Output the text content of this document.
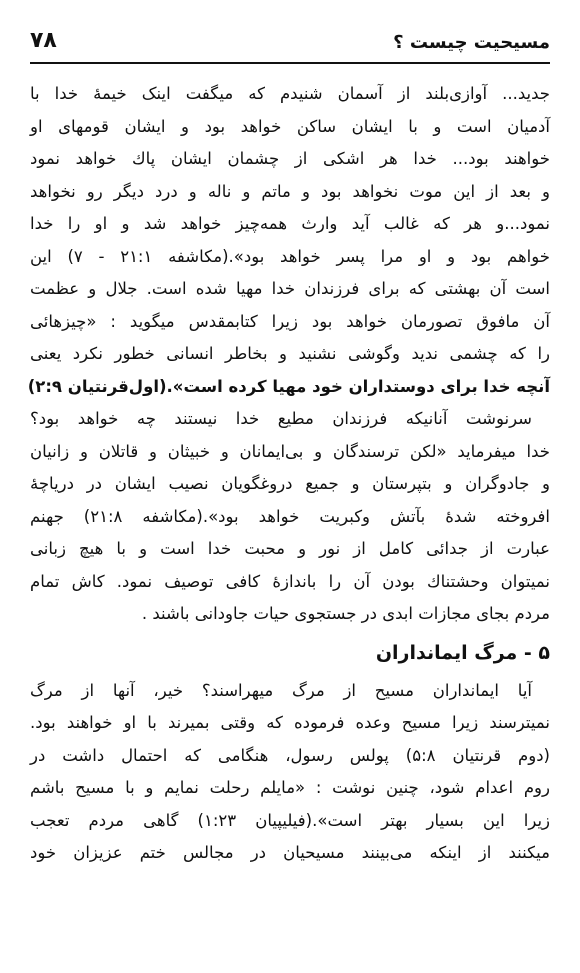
مسیحیت چیست ؟
۷۸
جدید... آوازی‌بلند از آسمان شنیدم که میگفت اینک خیمهٔ خدا با
آدمیان است و با ایشان ساکن خواهد بود و ایشان قومهای او
خواهند بود... خدا هر اشکی از چشمان ایشان پاك خواهد نمود
و بعد از این موت نخواهد بود و ماتم و ناله و درد دیگر رو نخواهد
نمود...و هر که غالب آید وارث همه‌چیز خواهد شد و او را خدا
خواهم بود و او مرا پسر خواهد بود».(مکاشفه ۲۱:۱ - ۷) این
است آن بهشتی که برای فرزندان خدا مهیا شده است. جلال و عظمت
آن مافوق تصورمان خواهد بود زیرا کتابمقدس میگوید : «چیزهائی
را که چشمی ندید وگوشی نشنید و بخاطر انسانی خطور نکرد یعنی
آنچه خدا برای دوستداران خود مهیا کرده است».(اول‌قرنتیان ۲:۹)
سرنوشت آنانیکه فرزندان مطیع خدا نیستند چه خواهد بود؟
خدا میفرماید «لکن ترسندگان و بی‌ایمانان و خبیثان و قاتلان و زانیان
و جادوگران و بتپرستان و جمیع دروغگویان نصیب ایشان در دریاچهٔ
افروخته شدهٔ بآتش وکبریت خواهد بود».(مکاشفه ۲۱:۸) جهنم
عبارت از جدائی کامل از نور و محبت خدا است و با هیچ زبانی
نمیتوان وحشتناك بودن آن را باندازهٔ کافی توصیف نمود. کاش تمام
مردم بجای مجازات ابدی در جستجوی حیات جاودانی باشند .
۵ - مرگ ایمانداران
آیا ایمانداران مسیح از مرگ میهراسند؟ خیر، آنها از مرگ
نمیترسند زیرا مسیح وعده فرموده که وقتی بمیرند با او خواهند بود.
(دوم قرنتیان ۵:۸) پولس رسول، هنگامی که احتمال داشت در
روم اعدام شود، چنین نوشت : «مایلم رحلت نمایم و با مسیح باشم
زیرا این بسیار بهتر است».(فیلیپیان ۱:۲۳) گاهی مردم تعجب
میکنند از اینکه می‌بینند مسیحیان در مجالس ختم عزیزان خود
